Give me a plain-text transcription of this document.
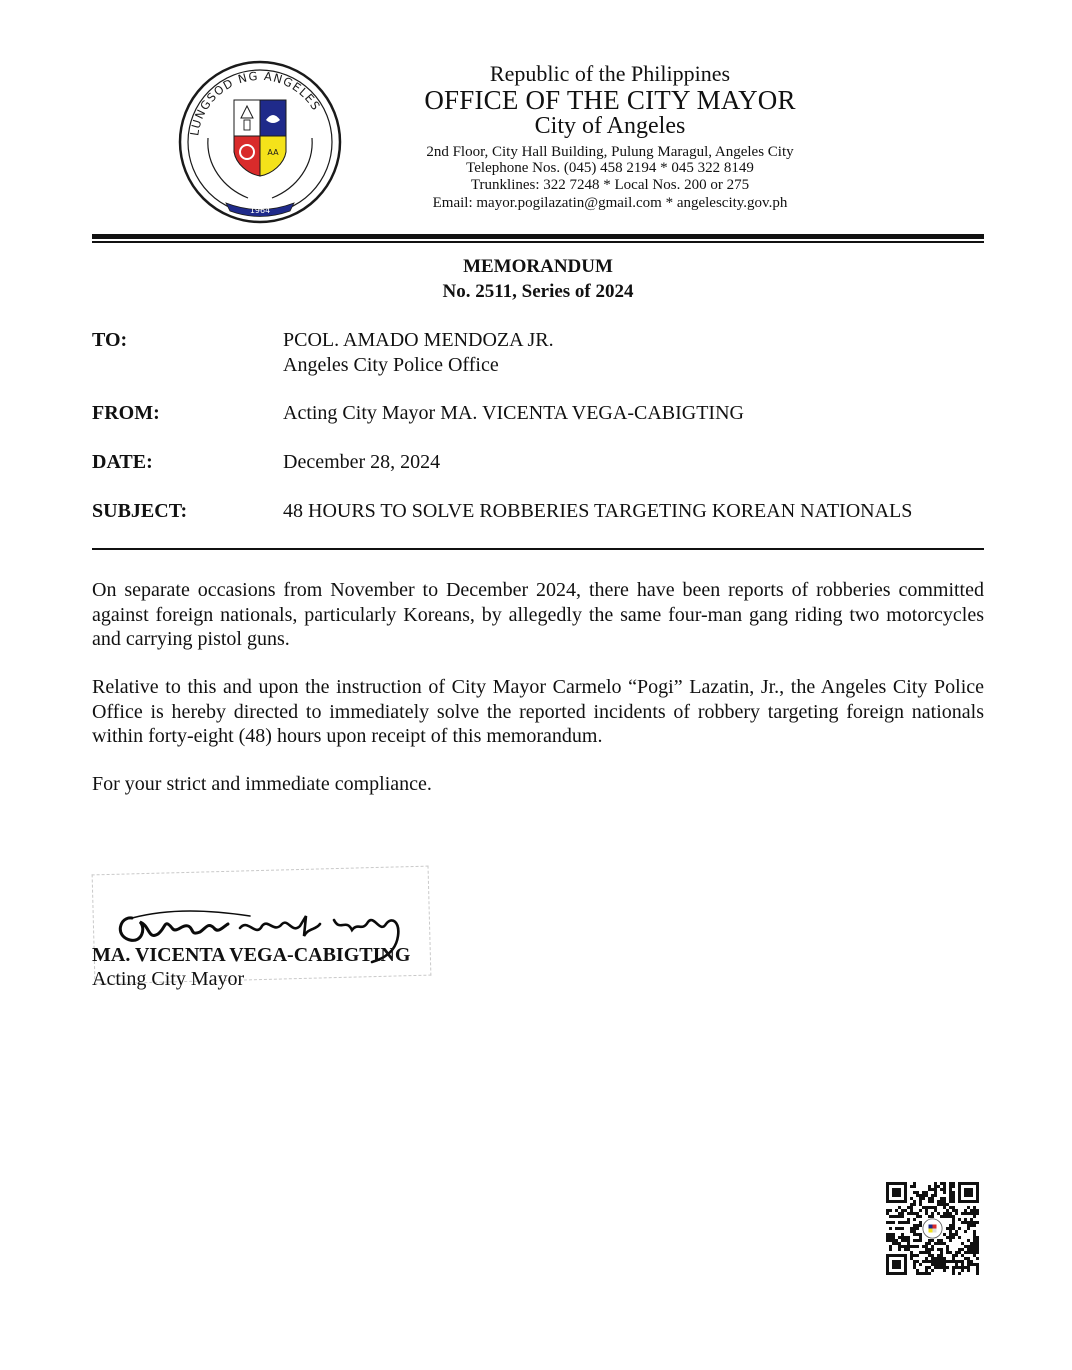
LUNGSOD NG ANGELES
AA
1964
Republic of the Philippines
OFFICE OF THE CITY MAYOR
City of Angeles
2nd Floor, City Hall Building, Pulung Maragul, Angeles City
Telephone Nos. (045) 458 2194 * 045 322 8149
Trunklines: 322 7248 * Local Nos. 200 or 275
Email: mayor.pogilazatin@gmail.com * angelescity.gov.ph
MEMORANDUM
No. 2511, Series of 2024
TO:	PCOL. AMADO MENDOZA JR.
Angeles City Police Office
FROM:	Acting City Mayor MA. VICENTA VEGA-CABIGTING
DATE:	December 28, 2024
SUBJECT:	48 HOURS TO SOLVE ROBBERIES TARGETING KOREAN NATIONALS

On separate occasions from November to December 2024, there have been reports of robberies committed against foreign nationals, particularly Koreans, by allegedly the same four-man gang riding two motorcycles and carrying pistol guns.

Relative to this and upon the instruction of City Mayor Carmelo “Pogi” Lazatin, Jr., the Angeles City Police Office is hereby directed to immediately solve the reported incidents of robbery targeting foreign nationals within forty-eight (48) hours upon receipt of this memorandum.

For your strict and immediate compliance.

MA. VICENTA VEGA-CABIGTING
Acting City Mayor
